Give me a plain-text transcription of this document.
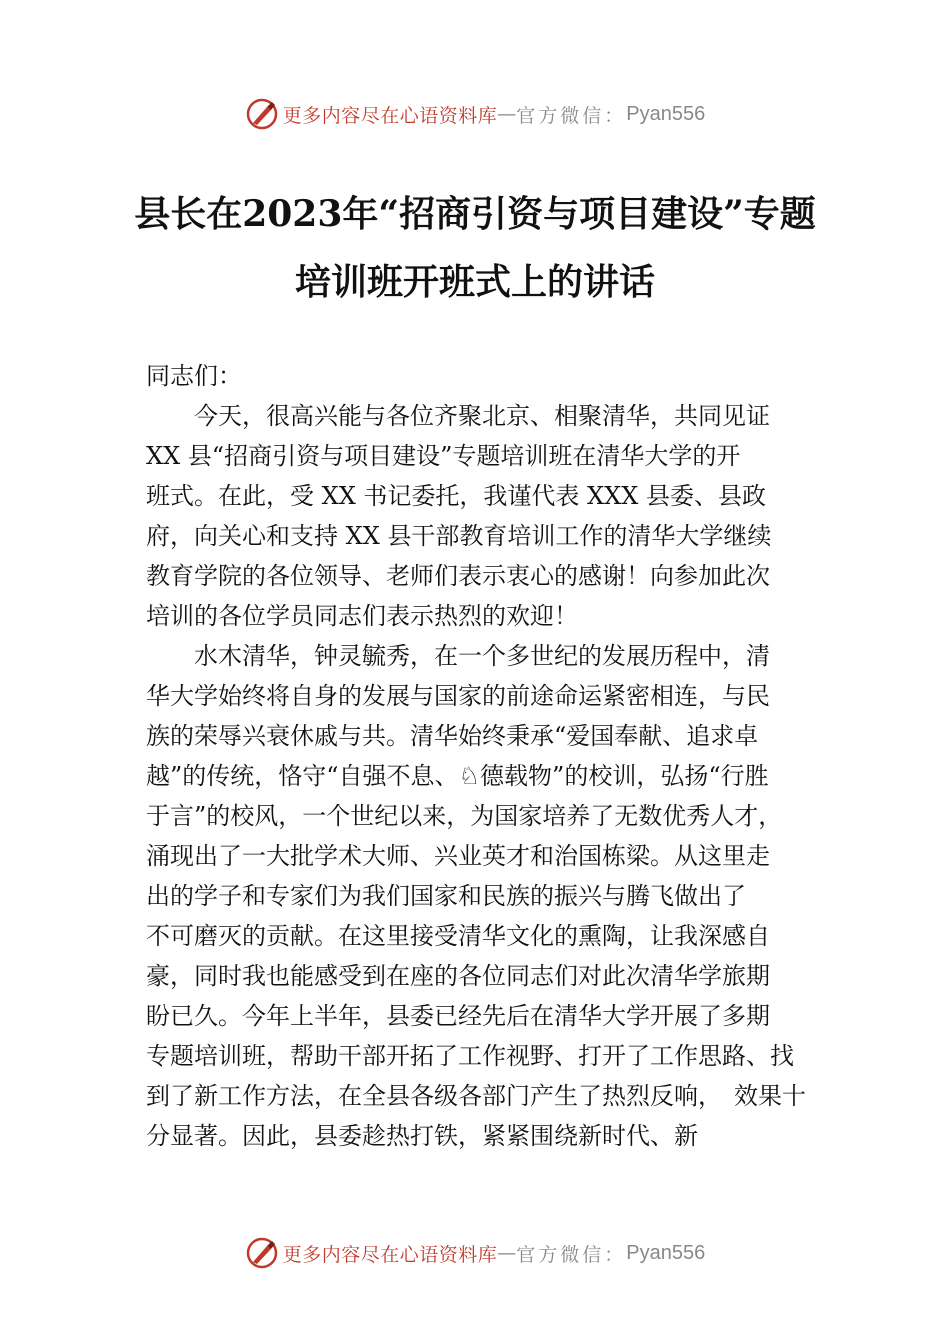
更多内容尽在心语资料库 — 官方微信： Pyan556
县长在2023年“招商引资与项目建设”专题
培训班开班式上的讲话
同志们：
　　今天，很高兴能与各位齐聚北京、相聚清华，共同见证
XX 县“招商引资与项目建设”专题培训班在清华大学的开
班式。在此，受 XX 书记委托，我谨代表 XXX 县委、县政
府，向关心和支持 XX 县干部教育培训工作的清华大学继续
教育学院的各位领导、老师们表示衷心的感谢！向参加此次
培训的各位学员同志们表示热烈的欢迎！
　　水木清华，钟灵毓秀，在一个多世纪的发展历程中，清
华大学始终将自身的发展与国家的前途命运紧密相连，与民
族的荣辱兴衰休戚与共。清华始终秉承“爱国奉献、追求卓
越”的传统，恪守“自强不息、♘德载物”的校训，弘扬“行胜
于言”的校风，一个世纪以来，为国家培养了无数优秀人才，
涌现出了一大批学术大师、兴业英才和治国栋梁。从这里走
出的学子和专家们为我们国家和民族的振兴与腾飞做出了
不可磨灭的贡献。在这里接受清华文化的熏陶，让我深感自
豪，同时我也能感受到在座的各位同志们对此次清华学旅期
盼已久。今年上半年，县委已经先后在清华大学开展了多期
专题培训班，帮助干部开拓了工作视野、打开了工作思路、找
到了新工作方法，在全县各级各部门产生了热烈反响，　效果十
分显著。因此，县委趁热打铁，紧紧围绕新时代、新
更多内容尽在心语资料库 — 官方微信： Pyan556
